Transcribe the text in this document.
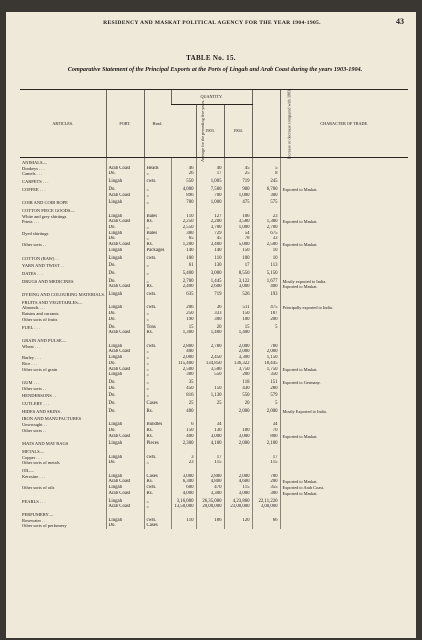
RESIDENCY AND MASKAT POLITICAL AGENCY FOR THE YEAR 1904-1905.	43
TABLE No. 15.
Comparative Statement of the Principal Exports at the Ports of Lingah and Arab Coast during the years 1903-1904.
ARTICLES.	PORT.	Head.	QUANTITY.			Increase or decrease compared with 1903.	CHARACTER OF TRADE.
			Average for the preceding five years.	1903.	1904.		
ANIMALS—							
Donkeys . . .	Arab Coast	Heads	46	40	45	5	
Camels . . .	Do.	„	26	17	25	8	
CARPETS . . .	Lingah	cwts.	550	1,005	719	245	
COFFEE . . .	Do.	„	4,000	7,500	900	6,700	Exported to Maskat.
	Arab Coast	„	896	700	1,000	300	
COIR AND COIR ROPE	Lingah	„	700	1,000	475	575	
COTTON PIECE GOODS—							
White and grey shirtings	Lingah	Bales	110	127	106	23	
Prints . . .	Arab Coast	Rs.	2,250	2,200	3,580	1,380	Exported to Maskat.
	Do.	„	2,550	3,700	1,000	2,700	
Dyed shirtings	Lingah	Bales	380	729	54	675	
	Do.	„	65	45	78	33	
Other sorts . .	Arab Coast	Rs.	1,200	3,400	5,000	2,500	Exported to Maskat.
	Lingah	Packages	140	140	150	10	
COTTON (RAW) . .	Lingah	cwts.	100	110	100	10	
YARN AND TWIST . .	Do.	„	61	130	17	113	
DATES . . .	Do.	„	5,400	3,000	8,550	5,150	
DRUGS AND MEDICINES	Do.	„	2,700	1,445	3,122	1,677	Mostly exported to India.
	Arab Coast	Rs.	2,400	2,600	3,000	400	Exported to Maskat.
DYEING AND COLOURING MATERIALS.	Lingah	cwts.	635	719	526	193	
FRUITS AND VEGETABLES—							
Almonds . . .	Lingah	cwts.	206	36	511	475	Principally exported to India.
Raisins and currants	Do.	„	250	333	150	187	
Other sorts of fruits	Do.	„	190	300	100	200	
FUEL . . .	Do.	Tons	15	20	15	5	
	Arab Coast	Rs.	1,300	1,400	1,400		
GRAIN AND PULSE—							
Wheat . . .	Lingah	cwts.	2,800	2,780	2,000	780	
	Arab Coast	„	400		2,000	2,000	
Barley . . .	Lingah	„	2,000	2,450	3,300	1,150	
Rice . . .	Do.	„	115,400	134,850	136,322	18,445	
Other sorts of grain	Arab Coast	„	2,500	3,500	3,750	1,750	Exported to Maskat.
	Lingah	„	300	550	200	350	
GUM . . .	Do.	„	35		118	151	Exported to Germany.
Other sorts . .	Do.	„	450	150	430	280	
HENDERSONS . .	Do.	„	816	1,130	550	579	
CUTLERY . . .	Do.	Cases	25	25	20	5	
HIDES AND SKINS .	Do.	Rs.	400		2,000	2,000	Mostly Exported to India.
IRON AND MANUFACTURES							
Unwrought . .	Lingah	Bundles	6	34		34	
Other sorts . .	Do.	Rs.	150	130	180	70	
	Arab Coast	Rs.	400	3,000	3,000	800	Exported to Maskat.
MATS AND MAT BAGS	Lingah	Pieces	2,300	4,100	2,000	2,100	
METALS—							
Copper . . .	Lingah	cwts.	3	17		17	
Other sorts of metals	Do.	„	23	115		115	
OIL—							
Kerosine . . .	Lingah	Cases	3,000	2,880	2,000	780	
	Arab Coast	Rs.	6,300	4,800	4,600	200	Exported to Maskat.
Other sorts of oils	Lingah	cwts.	600	470	115	355	Exported to Arab Coast.
	Arab Coast	Rs.	4,000	3,300	3,000	300	Exported to Maskat.
PEARLS . . .	Lingah	„	3,16,000	26,35,080	4,23,860	22,11,220	
	Arab Coast	„	13,50,000	20,00,000	23,00,000	3,00,000	
PERFUMERY—							
Rosewater . .	Lingah	cwts.	110	186	120	66	
Other sorts of perfumery	Do.	Cases					
